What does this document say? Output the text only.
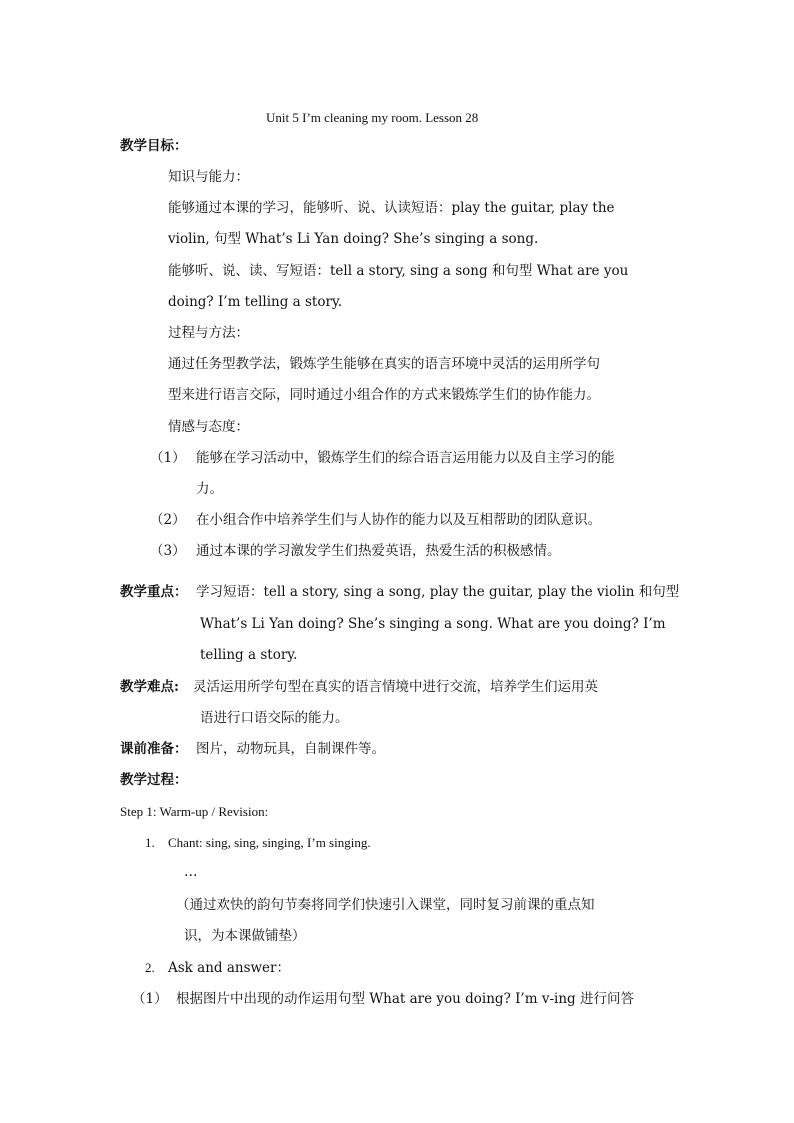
Unit 5 I’m cleaning my room. Lesson 28
教学目标：
知识与能力：
能够通过本课的学习，能够听、说、认读短语：play the guitar, play the
violin, 句型 What’s Li Yan doing? She’s singing a song.
能够听、说、读、写短语：tell a story, sing a song 和句型 What are you
doing? I’m telling a story.
过程与方法：
通过任务型教学法，锻炼学生能够在真实的语言环境中灵活的运用所学句
型来进行语言交际，同时通过小组合作的方式来锻炼学生们的协作能力。
情感与态度：
（1） 能够在学习活动中，锻炼学生们的综合语言运用能力以及自主学习的能
力。
（2） 在小组合作中培养学生们与人协作的能力以及互相帮助的团队意识。
（3） 通过本课的学习激发学生们热爱英语，热爱生活的积极感情。
教学重点： 学习短语：tell a story, sing a song, play the guitar, play the violin 和句型
What’s Li Yan doing? She’s singing a song. What are you doing? I’m
telling a story.
教学难点: 灵活运用所学句型在真实的语言情境中进行交流，培养学生们运用英
语进行口语交际的能力。
课前准备： 图片，动物玩具，自制课件等。
教学过程：
Step 1: Warm-up / Revision:
1. Chant: sing, sing, singing, I’m singing.
…
（通过欢快的韵句节奏将同学们快速引入课堂，同时复习前课的重点知
识，为本课做铺垫）
2. Ask and answer：
（1） 根据图片中出现的动作运用句型 What are you doing? I’m v-ing 进行问答
